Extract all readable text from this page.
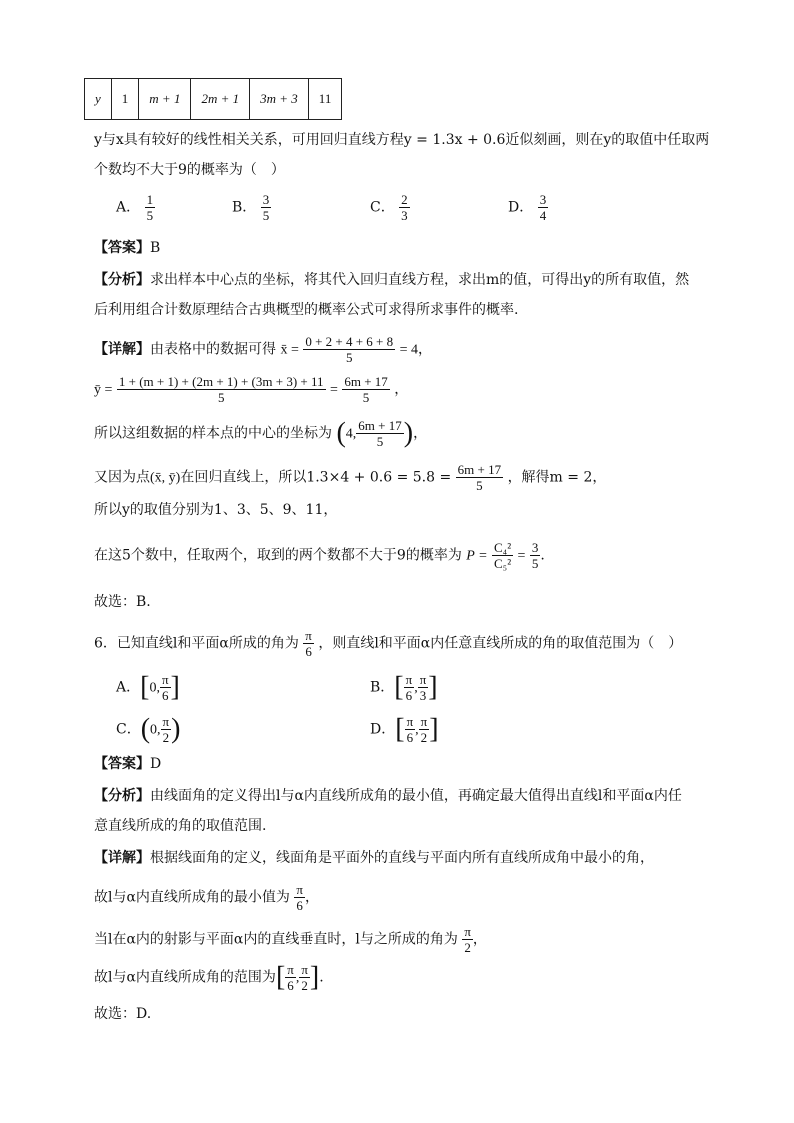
y	1	m + 1	2m + 1	3m + 3	11
y与x具有较好的线性相关关系，可用回归直线方程y = 1.3x + 0.6近似刻画，则在y的取值中任取两
个数均不大于9的概率为（　）
A． $\frac{1}{5}$	B． $\frac{3}{5}$	C． $\frac{2}{3}$	D． $\frac{3}{4}$
【答案】B
【分析】求出样本中心点的坐标，将其代入回归直线方程，求出m的值，可得出y的所有取值，然
后利用组合计数原理结合古典概型的概率公式可求得所求事件的概率.
【详解】由表格中的数据可得 x̄ = $\frac{0 + 2 + 4 + 6 + 8}{5} = 4$，
ȳ = $\frac{1 + (m + 1) + (2m + 1) + (3m + 3) + 11}{5} = \frac{6m + 17}{5}$ ，
所以这组数据的样本点的中心的坐标为 (4, $\frac{6m + 17}{5}$ )，
又因为点(x̄, ȳ)在回归直线上，所以$1.3\times 4 + 0.6 = 5.8 = \frac{6m + 17}{5}$ ，解得m = 2，
所以y的取值分别为1、3、5、9、11，
在这5个数中，任取两个，取到的两个数都不大于9的概率为 $P = \frac{\text{C₄²}}{\text{C₅²}} = \frac{3}{5}$ .
故选：B.
6．已知直线l和平面α所成的角为 $\frac{\pi}{6}$ ，则直线l和平面α内任意直线所成的角的取值范围为（　）
A．[0, $\frac{\pi}{6}$ ]	B．[ $\frac{\pi}{6}$ , $\frac{\pi}{3}$ ]
C．(0, $\frac{\pi}{2}$ )	D．[ $\frac{\pi}{6}$ , $\frac{\pi}{2}$ ]
【答案】D
【分析】由线面角的定义得出l与α内直线所成角的最小值，再确定最大值得出直线l和平面α内任
意直线所成的角的取值范围.
【详解】根据线面角的定义，线面角是平面外的直线与平面内所有直线所成角中最小的角，
故l与α内直线所成角的最小值为 $\frac{\pi}{6}$ ，
当l在α内的射影与平面α内的直线垂直时，l与之所成的角为 $\frac{\pi}{2}$ ，
故l与α内直线所成角的范围为[ $\frac{\pi}{6}$ , $\frac{\pi}{2}$ ].
故选：D.
